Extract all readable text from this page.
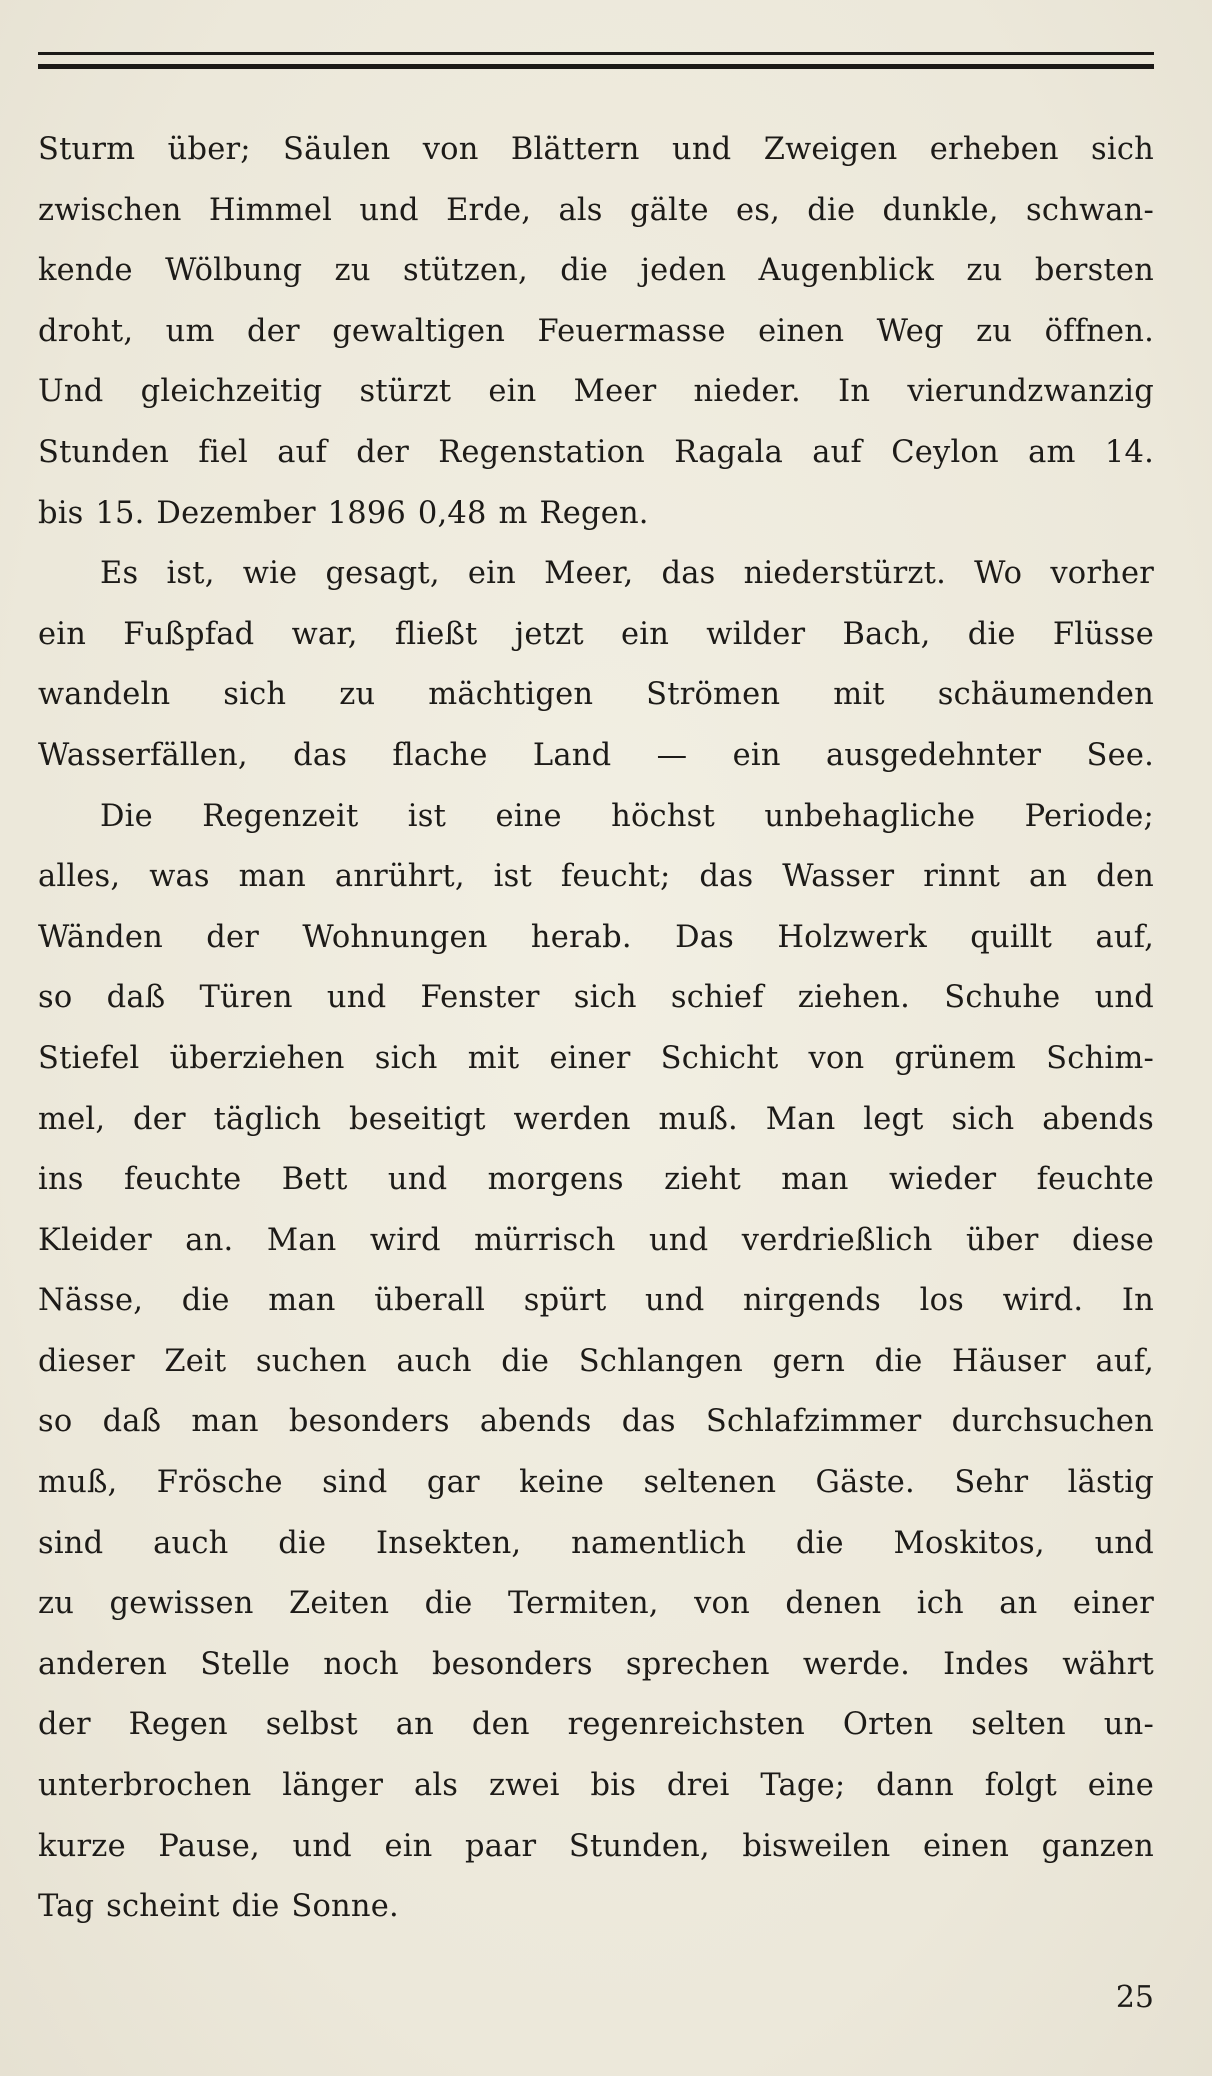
Sturm über; Säulen von Blättern und Zweigen erheben sich
zwischen Himmel und Erde, als gälte es, die dunkle, schwan-
kende Wölbung zu stützen, die jeden Augenblick zu bersten
droht, um der gewaltigen Feuermasse einen Weg zu öffnen.
Und gleichzeitig stürzt ein Meer nieder. In vierundzwanzig
Stunden fiel auf der Regenstation Ragala auf Ceylon am 14.
bis 15. Dezember 1896 0,48 m Regen.
Es ist, wie gesagt, ein Meer, das niederstürzt. Wo vorher
ein Fußpfad war, fließt jetzt ein wilder Bach, die Flüsse
wandeln sich zu mächtigen Strömen mit schäumenden
Wasserfällen, das flache Land — ein ausgedehnter See.
Die Regenzeit ist eine höchst unbehagliche Periode;
alles, was man anrührt, ist feucht; das Wasser rinnt an den
Wänden der Wohnungen herab. Das Holzwerk quillt auf,
so daß Türen und Fenster sich schief ziehen. Schuhe und
Stiefel überziehen sich mit einer Schicht von grünem Schim-
mel, der täglich beseitigt werden muß. Man legt sich abends
ins feuchte Bett und morgens zieht man wieder feuchte
Kleider an. Man wird mürrisch und verdrießlich über diese
Nässe, die man überall spürt und nirgends los wird. In
dieser Zeit suchen auch die Schlangen gern die Häuser auf,
so daß man besonders abends das Schlafzimmer durchsuchen
muß, Frösche sind gar keine seltenen Gäste. Sehr lästig
sind auch die Insekten, namentlich die Moskitos, und
zu gewissen Zeiten die Termiten, von denen ich an einer
anderen Stelle noch besonders sprechen werde. Indes währt
der Regen selbst an den regenreichsten Orten selten un-
unterbrochen länger als zwei bis drei Tage; dann folgt eine
kurze Pause, und ein paar Stunden, bisweilen einen ganzen
Tag scheint die Sonne.
25
